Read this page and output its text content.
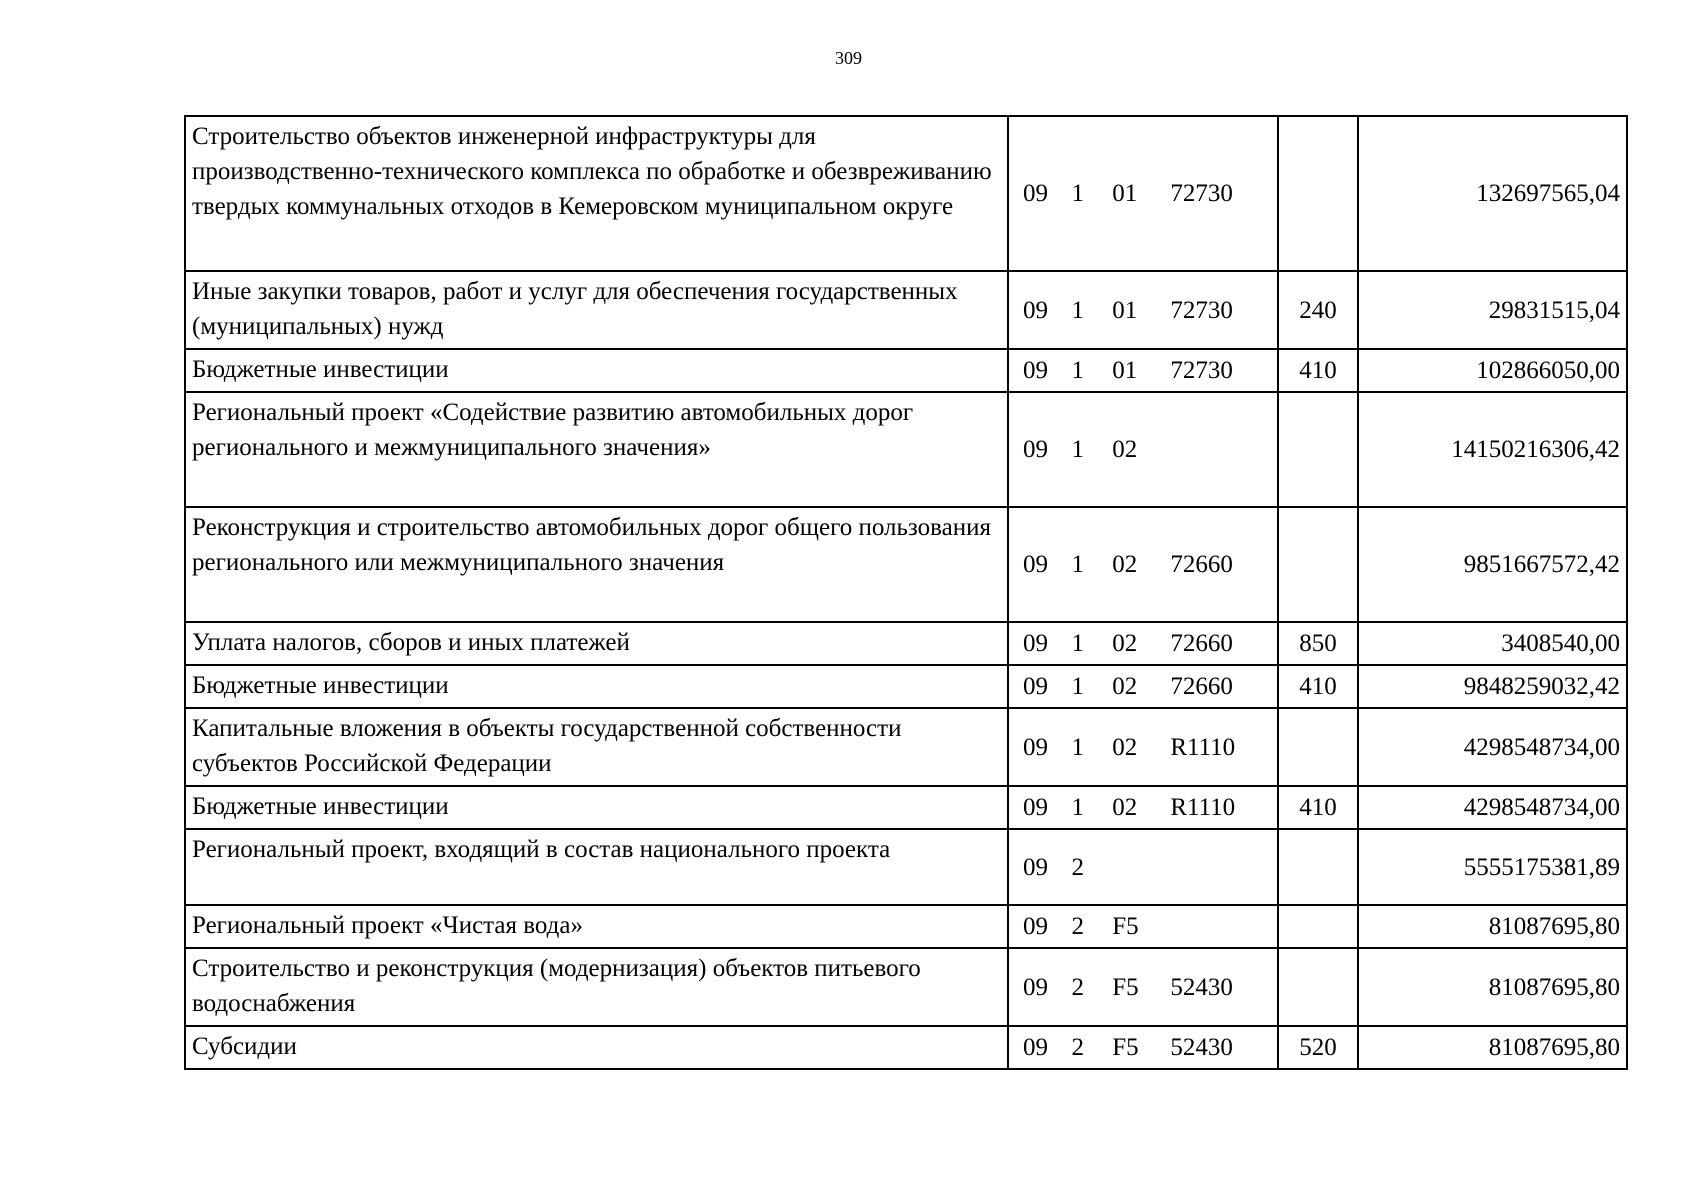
309
Строительство объектов инженерной инфраструктуры для производственно-технического комплекса по обработке и обезвреживанию твердых коммунальных отходов в Кемеровском муниципальном округе	09 1 01 72730		132697565,04
Иные закупки товаров, работ и услуг для обеспечения государственных (муниципальных) нужд	09 1 01 72730	240	29831515,04
Бюджетные инвестиции	09 1 01 72730	410	102866050,00
Региональный проект «Содействие развитию автомобильных дорог регионального и межмуниципального значения»	09 1 02		14150216306,42
Реконструкция и строительство автомобильных дорог общего пользования регионального или межмуниципального значения	09 1 02 72660		9851667572,42
Уплата налогов, сборов и иных платежей	09 1 02 72660	850	3408540,00
Бюджетные инвестиции	09 1 02 72660	410	9848259032,42
Капитальные вложения в объекты государственной собственности субъектов Российской Федерации	09 1 02 R1110		4298548734,00
Бюджетные инвестиции	09 1 02 R1110	410	4298548734,00
Региональный проект, входящий в состав национального проекта	09 2		5555175381,89
Региональный проект «Чистая вода»	09 2 F5		81087695,80
Строительство и реконструкция (модернизация) объектов питьевого водоснабжения	09 2 F5 52430		81087695,80
Субсидии	09 2 F5 52430	520	81087695,80
